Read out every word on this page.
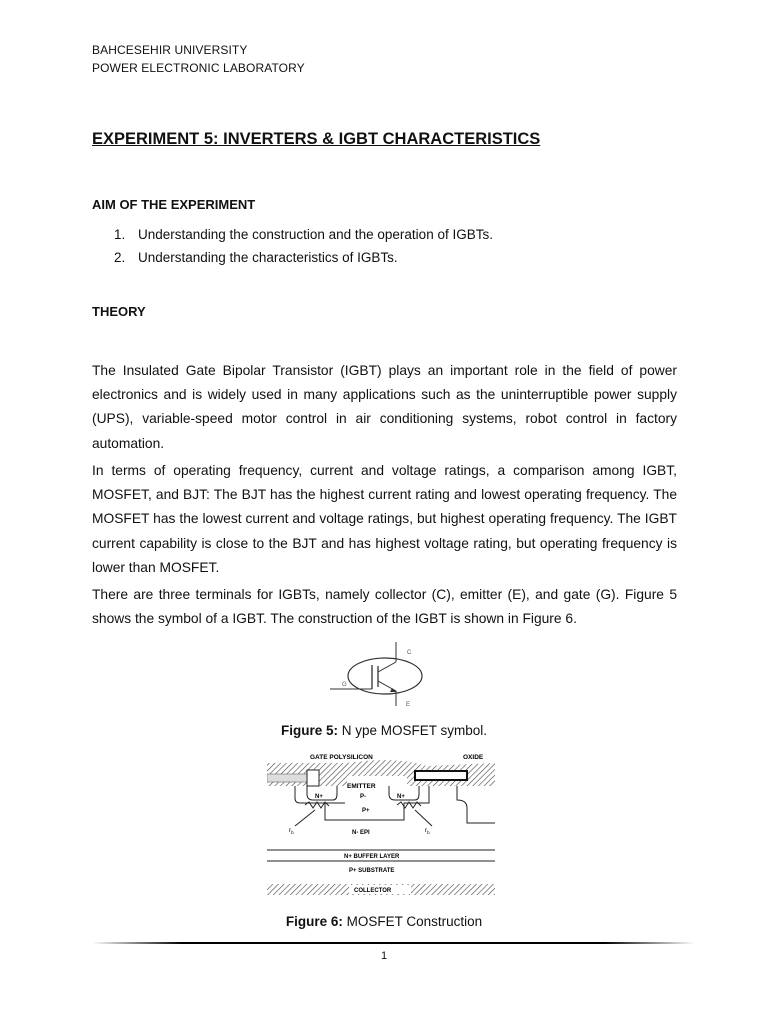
BAHCESEHIR UNIVERSITY
POWER ELECTRONIC LABORATORY
EXPERIMENT 5: INVERTERS & IGBT CHARACTERISTICS
AIM OF THE EXPERIMENT
1. Understanding the construction and the operation of IGBTs.
2. Understanding the characteristics of IGBTs.
THEORY
The Insulated Gate Bipolar Transistor (IGBT) plays an important role in the field of power electronics and is widely used in many applications such as the uninterruptible power supply (UPS), variable-speed motor control in air conditioning systems, robot control in factory automation.
In terms of operating frequency, current and voltage ratings, a comparison among IGBT, MOSFET, and BJT: The BJT has the highest current rating and lowest operating frequency. The MOSFET has the lowest current and voltage ratings, but highest operating frequency. The IGBT current capability is close to the BJT and has highest voltage rating, but operating frequency is lower than MOSFET.
There are three terminals for IGBTs, namely collector (C), emitter (E), and gate (G). Figure 5 shows the symbol of a IGBT. The construction of the IGBT is shown in Figure 6.
C
G
E
Figure 5: N ype MOSFET symbol.
GATE POLYSILICON	OXIDE
EMITTER
N+	N+
P-
P+
$r_b$	$r_b$
N- EPI
N+ BUFFER LAYER
P+ SUBSTRATE
COLLECTOR
Figure 6: MOSFET Construction
1
